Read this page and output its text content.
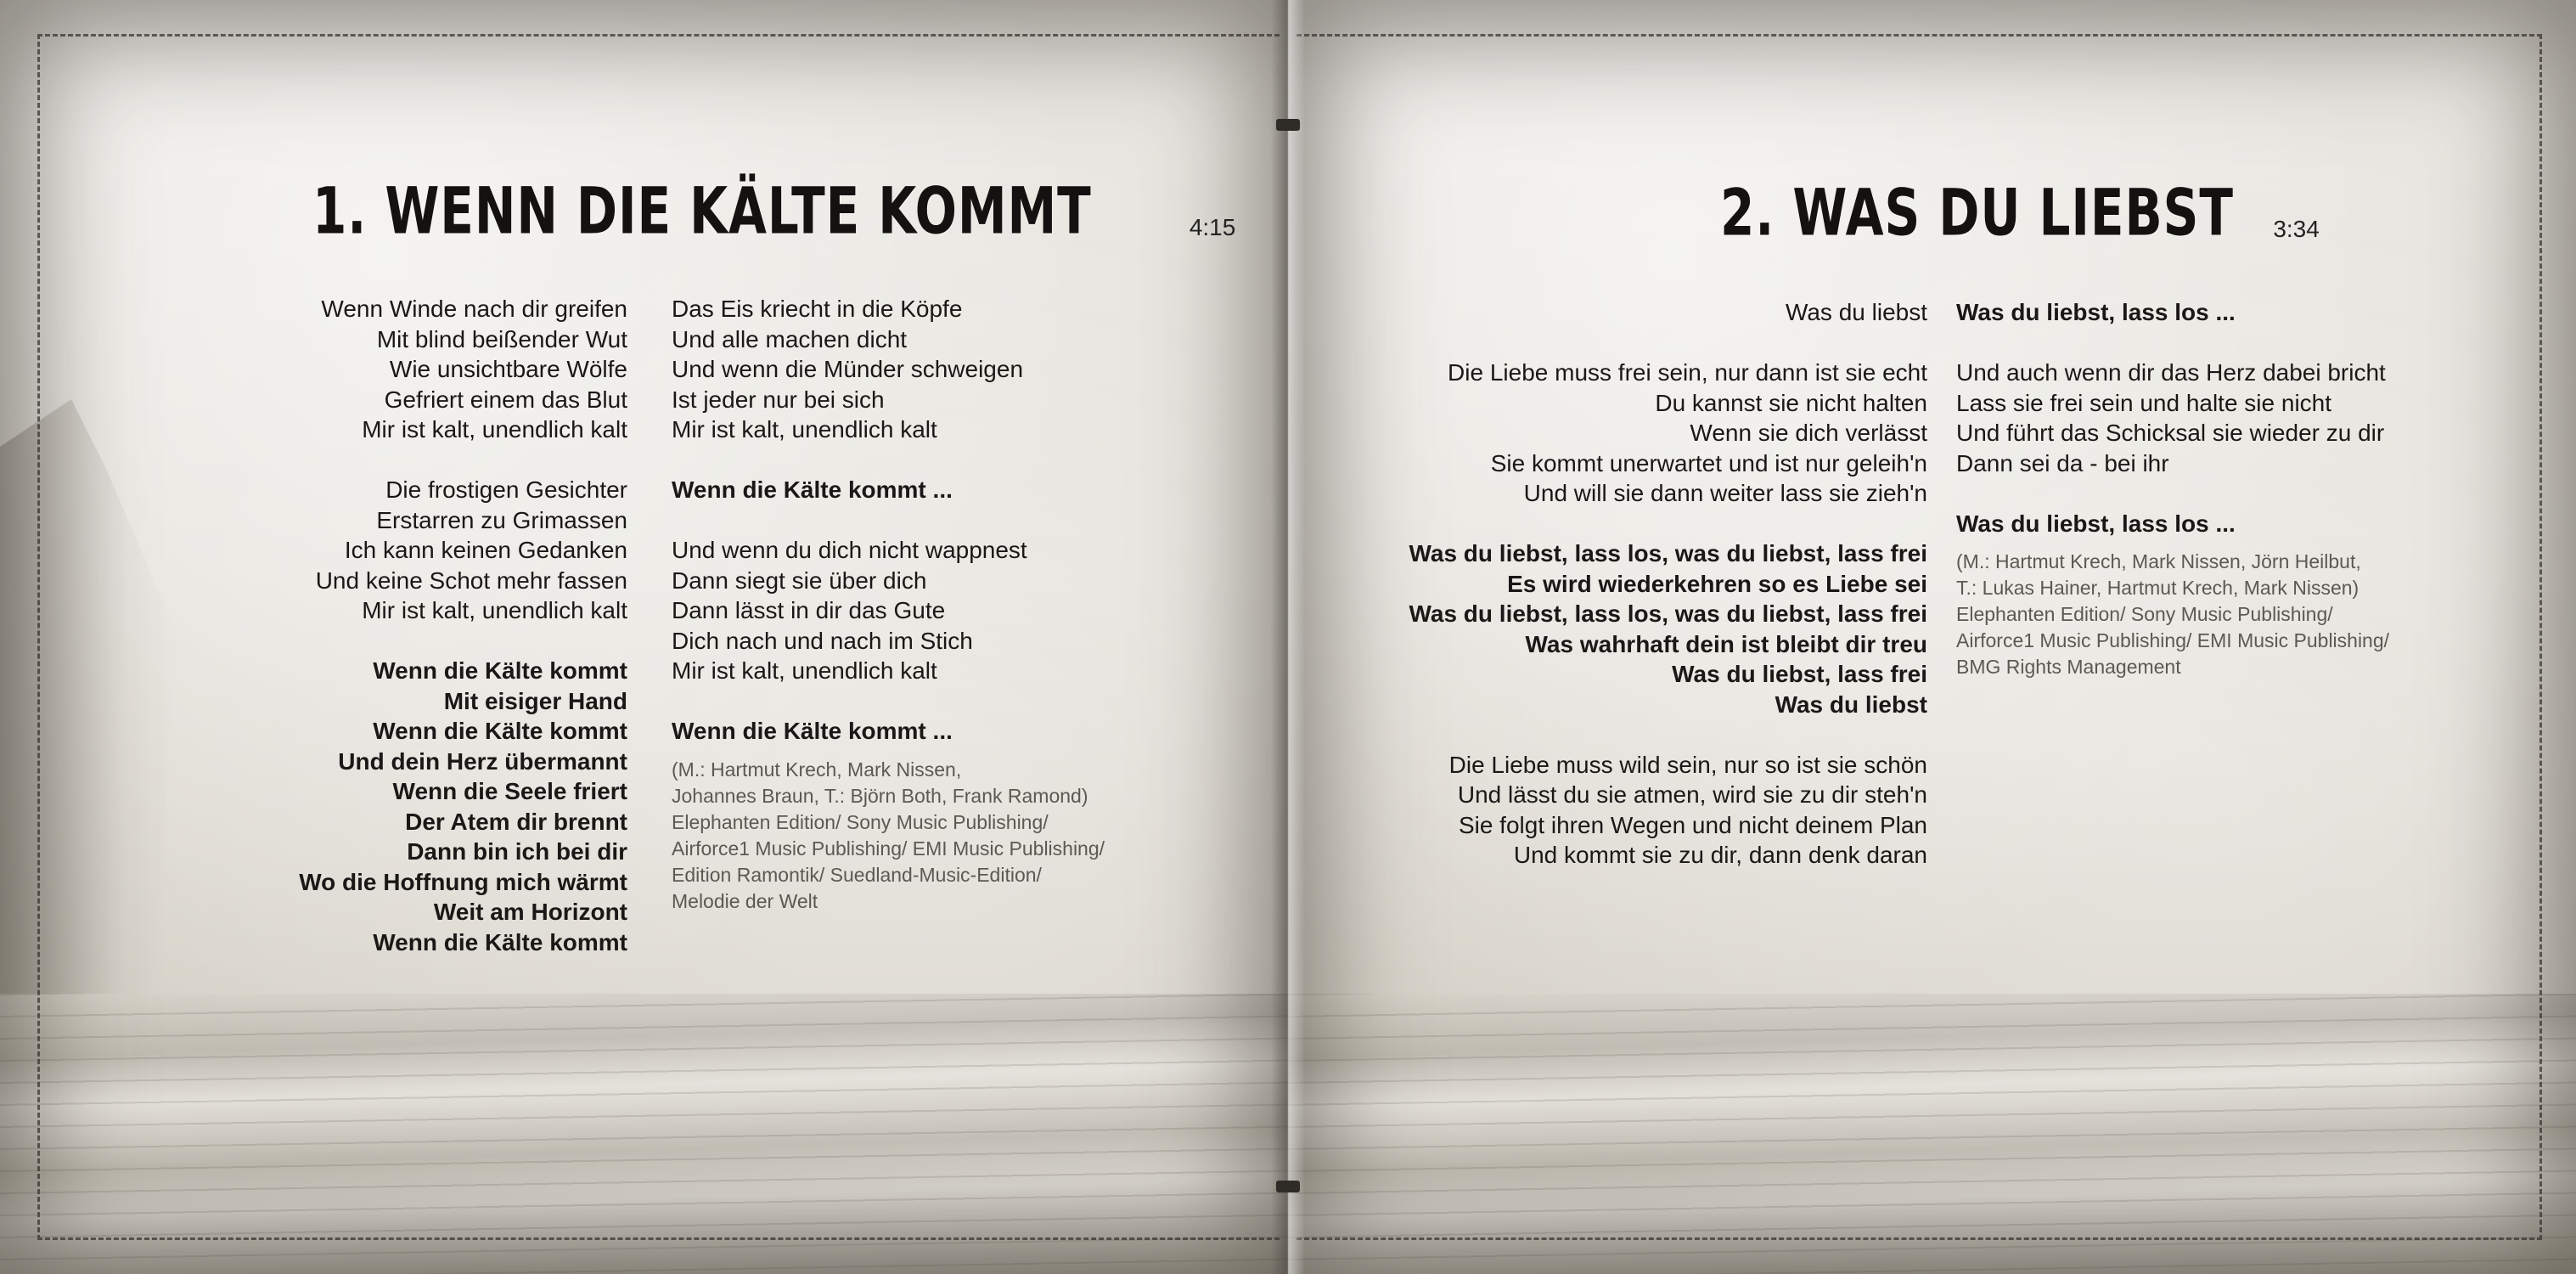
1. WENN DIE KÄLTE KOMMT	4:15
Wenn Winde nach dir greifen
Mit blind beißender Wut
Wie unsichtbare Wölfe
Gefriert einem das Blut
Mir ist kalt, unendlich kalt
Die frostigen Gesichter
Erstarren zu Grimassen
Ich kann keinen Gedanken
Und keine Schot mehr fassen
Mir ist kalt, unendlich kalt
Wenn die Kälte kommt
Mit eisiger Hand
Wenn die Kälte kommt
Und dein Herz übermannt
Wenn die Seele friert
Der Atem dir brennt
Dann bin ich bei dir
Wo die Hoffnung mich wärmt
Weit am Horizont
Wenn die Kälte kommt
Das Eis kriecht in die Köpfe
Und alle machen dicht
Und wenn die Münder schweigen
Ist jeder nur bei sich
Mir ist kalt, unendlich kalt
Wenn die Kälte kommt ...
Und wenn du dich nicht wappnest
Dann siegt sie über dich
Dann lässt in dir das Gute
Dich nach und nach im Stich
Mir ist kalt, unendlich kalt
Wenn die Kälte kommt ...
(M.: Hartmut Krech, Mark Nissen,
Johannes Braun, T.: Björn Both, Frank Ramond)
Elephanten Edition/ Sony Music Publishing/
Airforce1 Music Publishing/ EMI Music Publishing/
Edition Ramontik/ Suedland-Music-Edition/
Melodie der Welt
2. WAS DU LIEBST 3:34
Was du liebst
Die Liebe muss frei sein, nur dann ist sie echt
Du kannst sie nicht halten
Wenn sie dich verlässt
Sie kommt unerwartet und ist nur geleih'n
Und will sie dann weiter lass sie zieh'n
Was du liebst, lass los, was du liebst, lass frei
Es wird wiederkehren so es Liebe sei
Was du liebst, lass los, was du liebst, lass frei
Was wahrhaft dein ist bleibt dir treu
Was du liebst, lass frei
Was du liebst
Die Liebe muss wild sein, nur so ist sie schön
Und lässt du sie atmen, wird sie zu dir steh'n
Sie folgt ihren Wegen und nicht deinem Plan
Und kommt sie zu dir, dann denk daran
Was du liebst, lass los ...
Und auch wenn dir das Herz dabei bricht
Lass sie frei sein und halte sie nicht
Und führt das Schicksal sie wieder zu dir
Dann sei da - bei ihr
Was du liebst, lass los ...
(M.: Hartmut Krech, Mark Nissen, Jörn Heilbut,
T.: Lukas Hainer, Hartmut Krech, Mark Nissen)
Elephanten Edition/ Sony Music Publishing/
Airforce1 Music Publishing/ EMI Music Publishing/
BMG Rights Management
